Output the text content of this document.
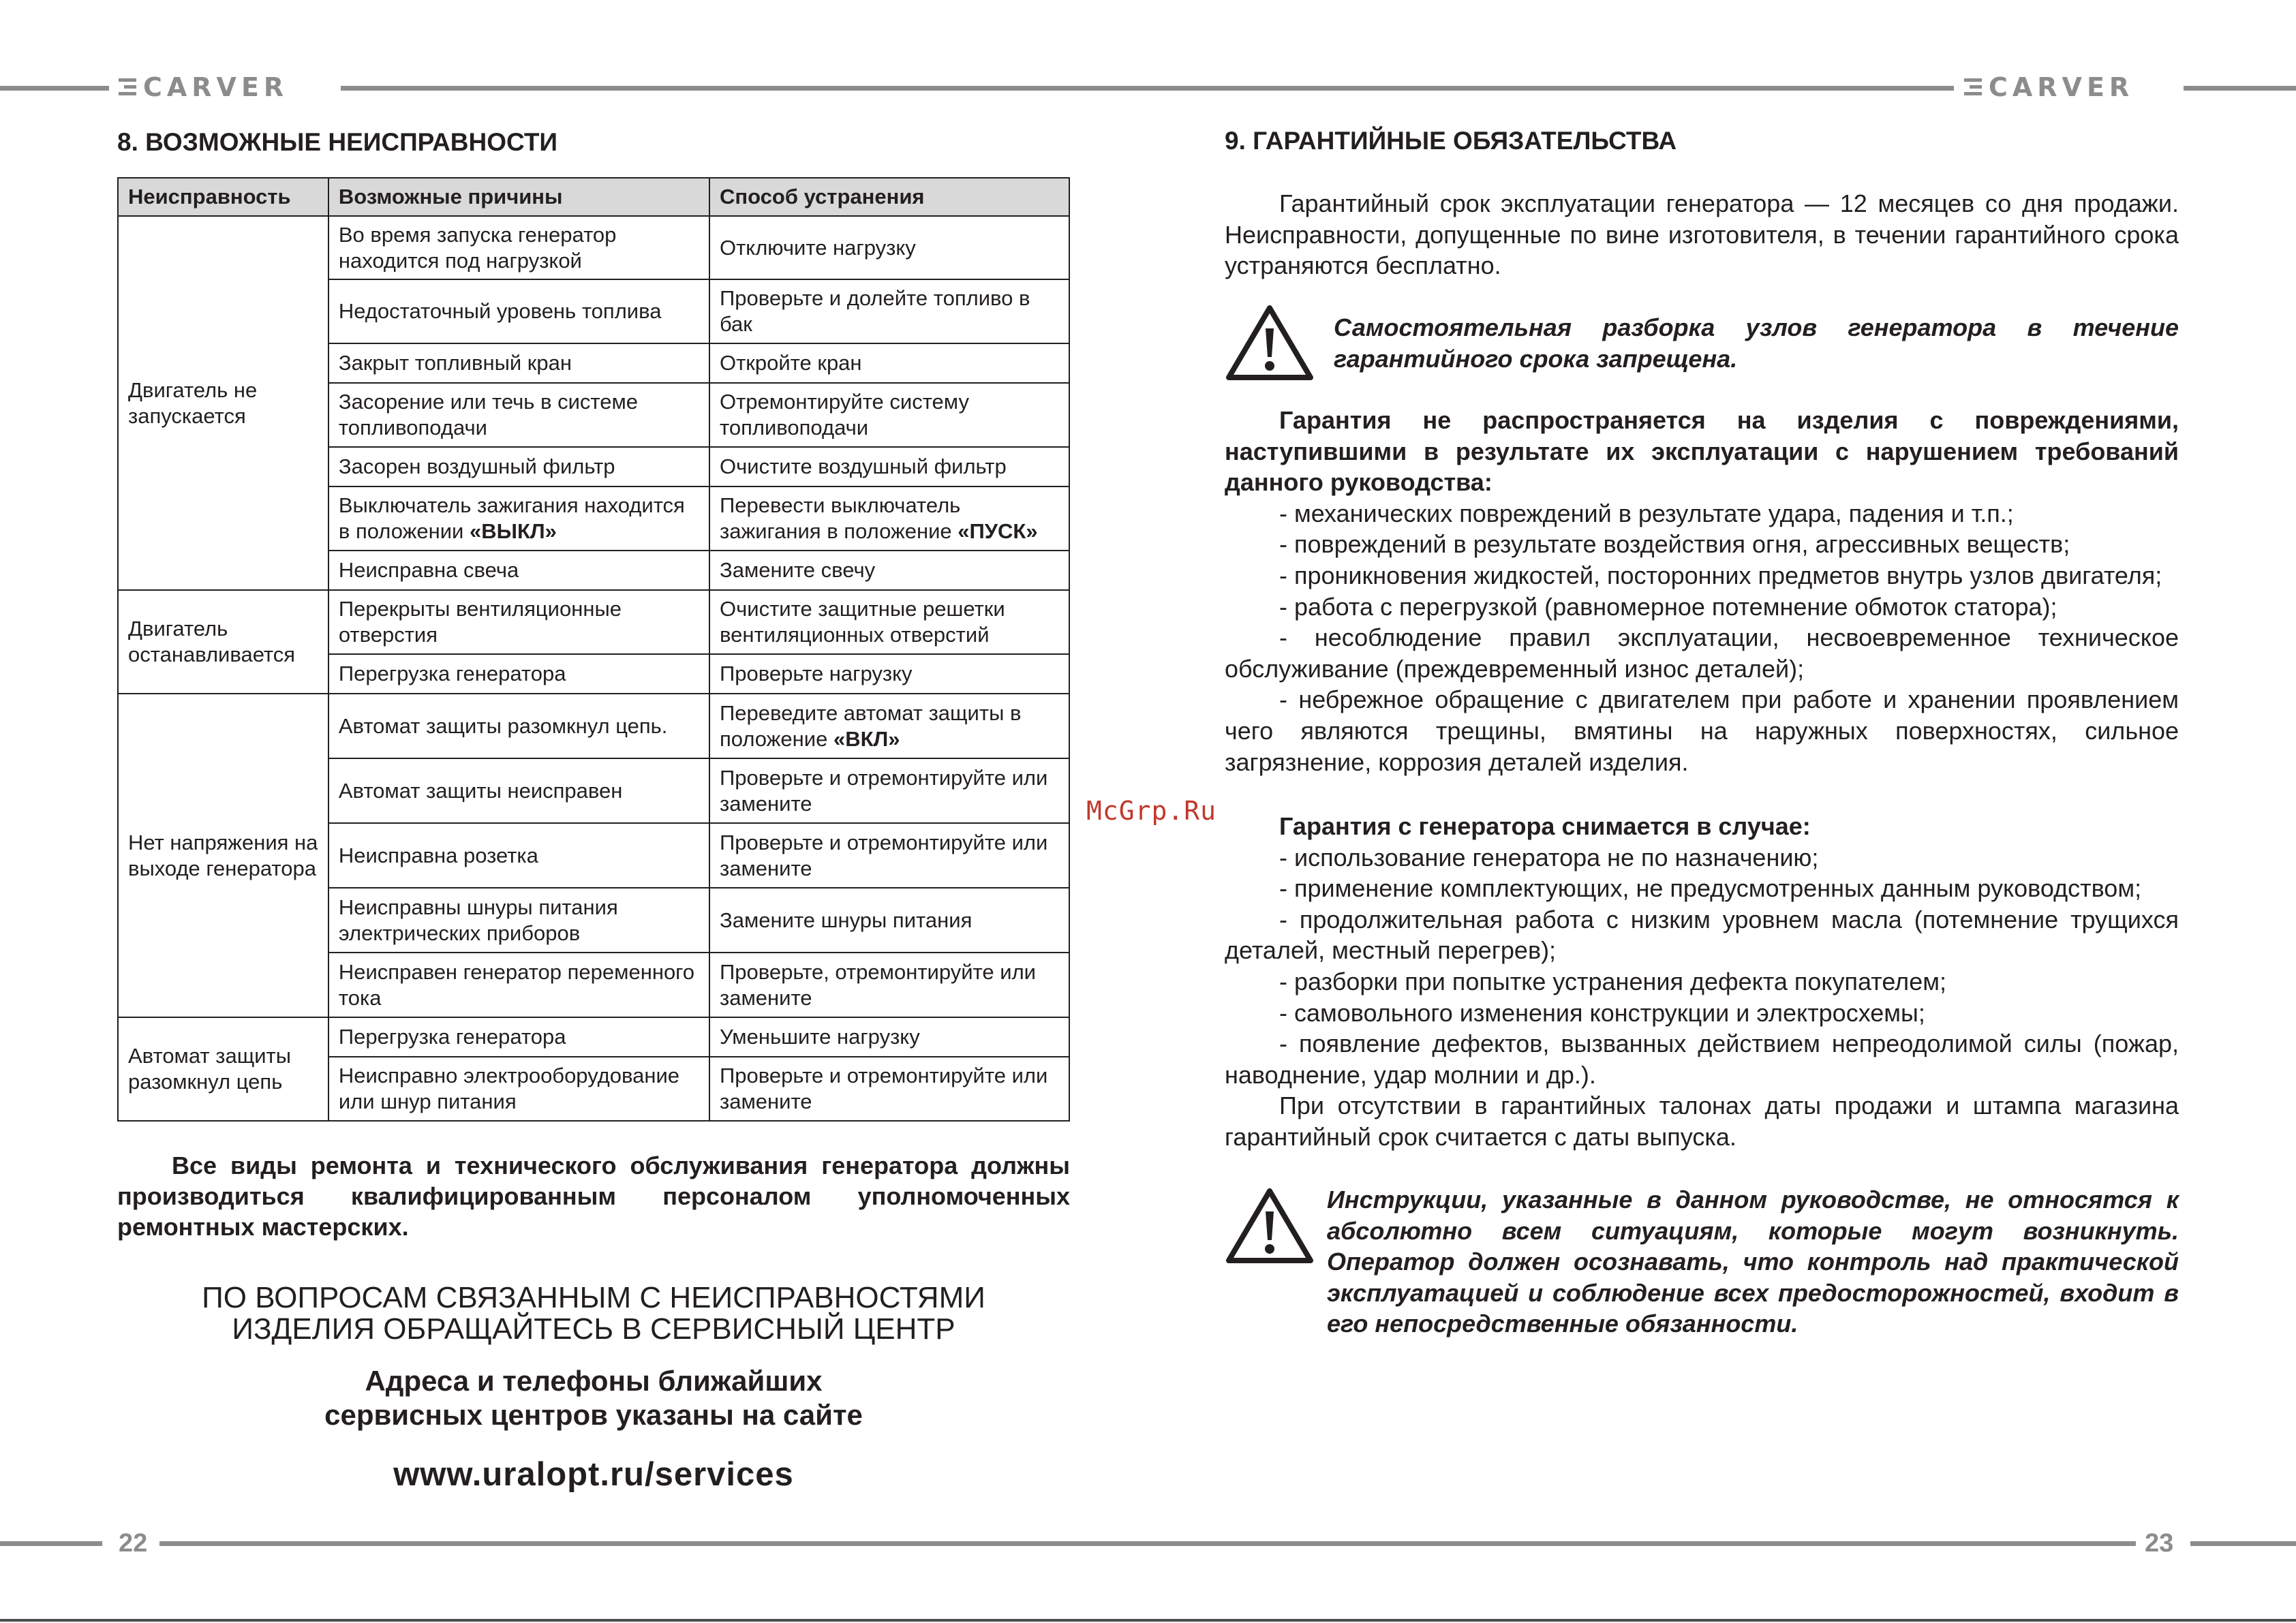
CARVER
8. ВОЗМОЖНЫЕ НЕИСПРАВНОСТИ
Неисправность	Возможные причины	Способ устранения
Двигатель не запускается	Во время запуска генератор находится под нагрузкой	Отключите нагрузку
	Недостаточный уровень топлива	Проверьте и долейте топливо в бак
	Закрыт топливный кран	Откройте кран
	Засорение или течь в системе топливоподачи	Отремонтируйте систему топливоподачи
	Засорен воздушный фильтр	Очистите воздушный фильтр
	Выключатель зажигания находится в положении «ВЫКЛ»	Перевести выключатель зажигания в положение «ПУСК»
	Неисправна свеча	Замените свечу
Двигатель останавливается	Перекрыты вентиляционные отверстия	Очистите защитные решетки вентиляционных отверстий
	Перегрузка генератора	Проверьте нагрузку
Нет напряжения на выходе генератора	Автомат защиты разомкнул цепь.	Переведите автомат защиты в положение «ВКЛ»
	Автомат защиты неисправен	Проверьте и отремонтируйте или замените
	Неисправна розетка	Проверьте и отремонтируйте или замените
	Неисправны шнуры питания электрических приборов	Замените шнуры питания
	Неисправен генератор переменного тока	Проверьте, отремонтируйте или замените
Автомат защиты разомкнул цепь	Перегрузка генератора	Уменьшите нагрузку
	Неисправно электрооборудование или шнур питания	Проверьте и отремонтируйте или замените

Все виды ремонта и технического обслуживания генератора должны производиться квалифицированным персоналом уполномоченных ремонтных мастерских.

ПО ВОПРОСАМ СВЯЗАННЫМ С НЕИСПРАВНОСТЯМИ
ИЗДЕЛИЯ ОБРАЩАЙТЕСЬ В СЕРВИСНЫЙ ЦЕНТР
Адреса и телефоны ближайших
сервисных центров указаны на сайте
www.uralopt.ru/services
22
CARVER
23
9. ГАРАНТИЙНЫЕ ОБЯЗАТЕЛЬСТВА

Гарантийный срок эксплуатации генератора — 12 месяцев со дня продажи. Неисправности, допущенные по вине изготовителя, в течении гарантийного срока устраняются бесплатно.

Самостоятельная разборка узлов генератора в течение гарантийного срока запрещена.

Гарантия не распространяется на изделия с повреждениями, наступившими в результате их эксплуатации с нарушением требований данного руководства:

- механических повреждений в результате удара, падения и т.п.;

- повреждений в результате воздействия огня, агрессивных веществ;

- проникновения жидкостей, посторонних предметов внутрь узлов двигателя;

- работа с перегрузкой (равномерное потемнение обмоток статора);

- несоблюдение правил эксплуатации, несвоевременное техническое обслуживание (преждевременный износ деталей);

- небрежное обращение с двигателем при работе и хранении проявлением чего являются трещины, вмятины на наружных поверхностях, сильное загрязнение, коррозия деталей изделия.

Гарантия с генератора снимается в случае:

- использование генератора не по назначению;

- применение комплектующих, не предусмотренных данным руководством;

- продолжительная работа с низким уровнем масла (потемнение трущихся деталей, местный перегрев);

- разборки при попытке устранения дефекта покупателем;

- самовольного изменения конструкции и электросхемы;

- появление дефектов, вызванных действием непреодолимой силы (пожар, наводнение, удар молнии и др.).

При отсутствии в гарантийных талонах даты продажи и штампа магазина гарантийный срок считается с даты выпуска.

Инструкции, указанные в данном руководстве, не относятся к абсолютно всем ситуациям, которые могут возникнуть. Оператор должен осознавать, что контроль над практической эксплуатацией и соблюдение всех предосторожностей, входит в его непосредственные обязанности.

McGrp.Ru
